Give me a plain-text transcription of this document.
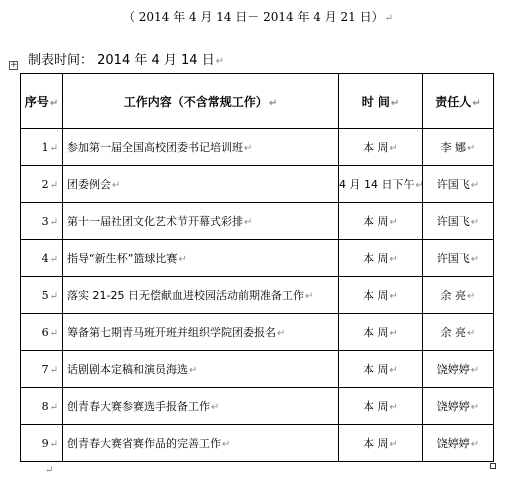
（ 2014 年 4 月 14 日－ 2014 年 4 月 21 日）↵
制表时间： 2014 年 4 月 14 日↵
+
序号↵	工作内容（不含常规工作）↵	时 间↵	责任人↵
1↵	参加第一届全国高校团委书记培训班↵	本 周↵	李 娜↵
2↵	团委例会↵	4 月 14 日下午↵	许国飞↵
3↵	第十一届社团文化艺术节开幕式彩排↵	本 周↵	许国飞↵
4↵	指导“新生杯”篮球比赛↵	本 周↵	许国飞↵
5↵	落实 21-25 日无偿献血进校园活动前期准备工作↵	本 周↵	余 亮↵
6↵	筹备第七期青马班开班并组织学院团委报名↵	本 周↵	余 亮↵
7↵	话剧剧本定稿和演员海选↵	本 周↵	饶婷婷↵
8↵	创青春大赛参赛选手报备工作↵	本 周↵	饶婷婷↵
9↵	创青春大赛省赛作品的完善工作↵	本 周↵	饶婷婷↵
↵
